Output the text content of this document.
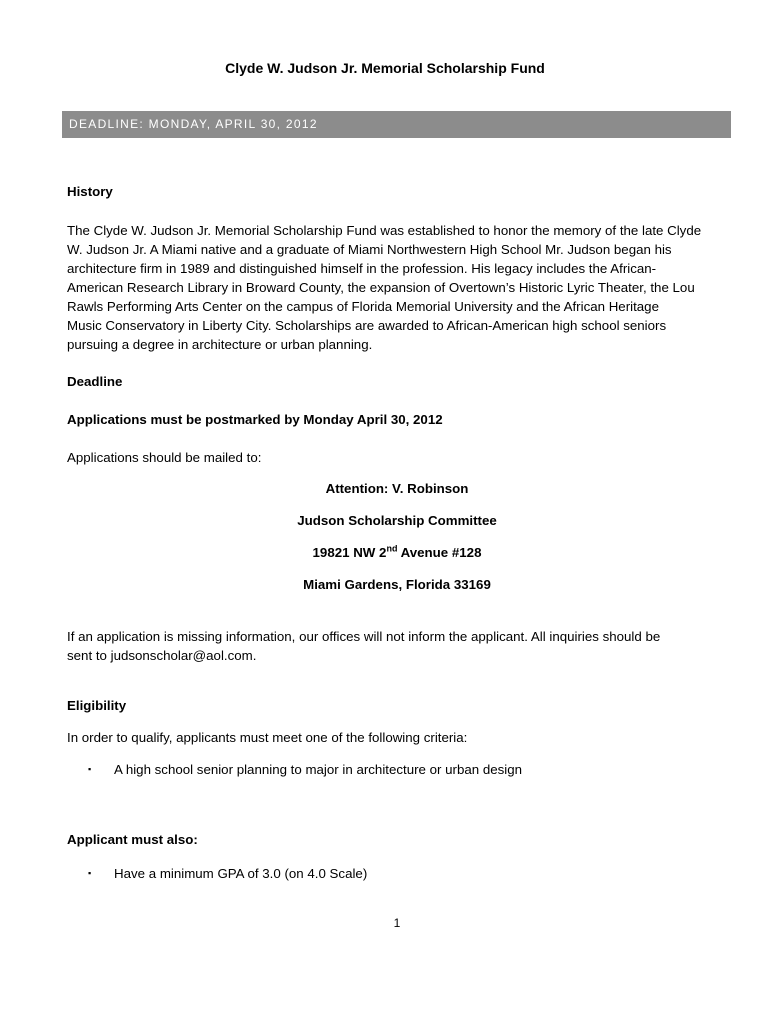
Clyde W. Judson Jr. Memorial Scholarship Fund
DEADLINE: MONDAY, APRIL 30, 2012
History
The Clyde W. Judson Jr. Memorial Scholarship Fund was established to honor the memory of the late Clyde
W. Judson Jr. A Miami native and a graduate of Miami Northwestern High School Mr. Judson began his
architecture firm in 1989 and distinguished himself in the profession. His legacy includes the African-
American Research Library in Broward County, the expansion of Overtown’s Historic Lyric Theater, the Lou
Rawls Performing Arts Center on the campus of Florida Memorial University and the African Heritage
Music Conservatory in Liberty City. Scholarships are awarded to African-American high school seniors
pursuing a degree in architecture or urban planning.
Deadline
Applications must be postmarked by Monday April 30, 2012
Applications should be mailed to:
Attention: V. Robinson
Judson Scholarship Committee
19821 NW 2nd Avenue #128
Miami Gardens, Florida 33169
If an application is missing information, our offices will not inform the applicant. All inquiries should be
sent to judsonscholar@aol.com.
Eligibility
In order to qualify, applicants must meet one of the following criteria:
▪ A high school senior planning to major in architecture or urban design
Applicant must also:
▪ Have a minimum GPA of 3.0 (on 4.0 Scale)
1
